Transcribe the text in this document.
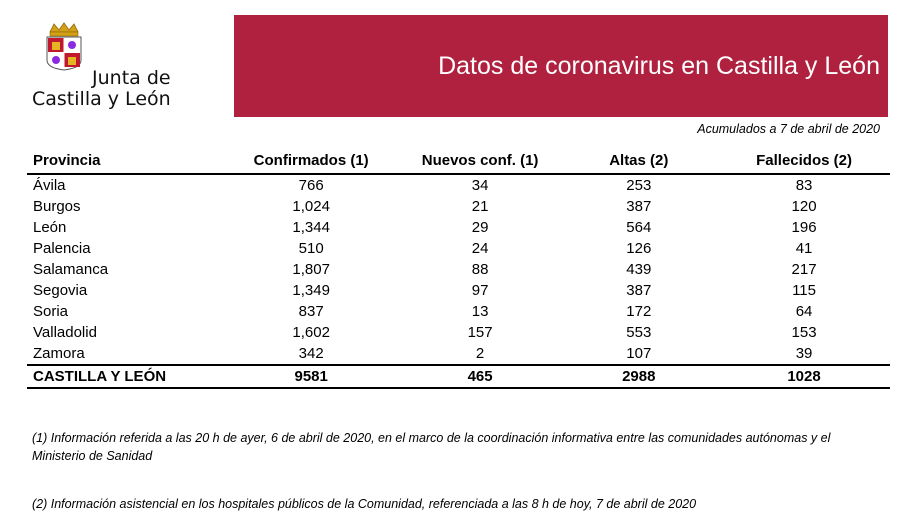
Junta de
Castilla y León
Datos de coronavirus en Castilla y León
Acumulados a 7 de abril de 2020
Provincia	Confirmados (1)	Nuevos conf. (1)	Altas (2)	Fallecidos (2)
Ávila	766	34	253	83
Burgos	1,024	21	387	120
León	1,344	29	564	196
Palencia	510	24	126	41
Salamanca	1,807	88	439	217
Segovia	1,349	97	387	115
Soria	837	13	172	64
Valladolid	1,602	157	553	153
Zamora	342	2	107	39
CASTILLA Y LEÓN	9581	465	2988	1028
(1) Información referida a las 20 h de ayer, 6 de abril de 2020, en el marco de la coordinación informativa entre las comunidades autónomas y el Ministerio de Sanidad
(2) Información asistencial en los hospitales públicos de la Comunidad, referenciada a las 8 h de hoy, 7 de abril de 2020
